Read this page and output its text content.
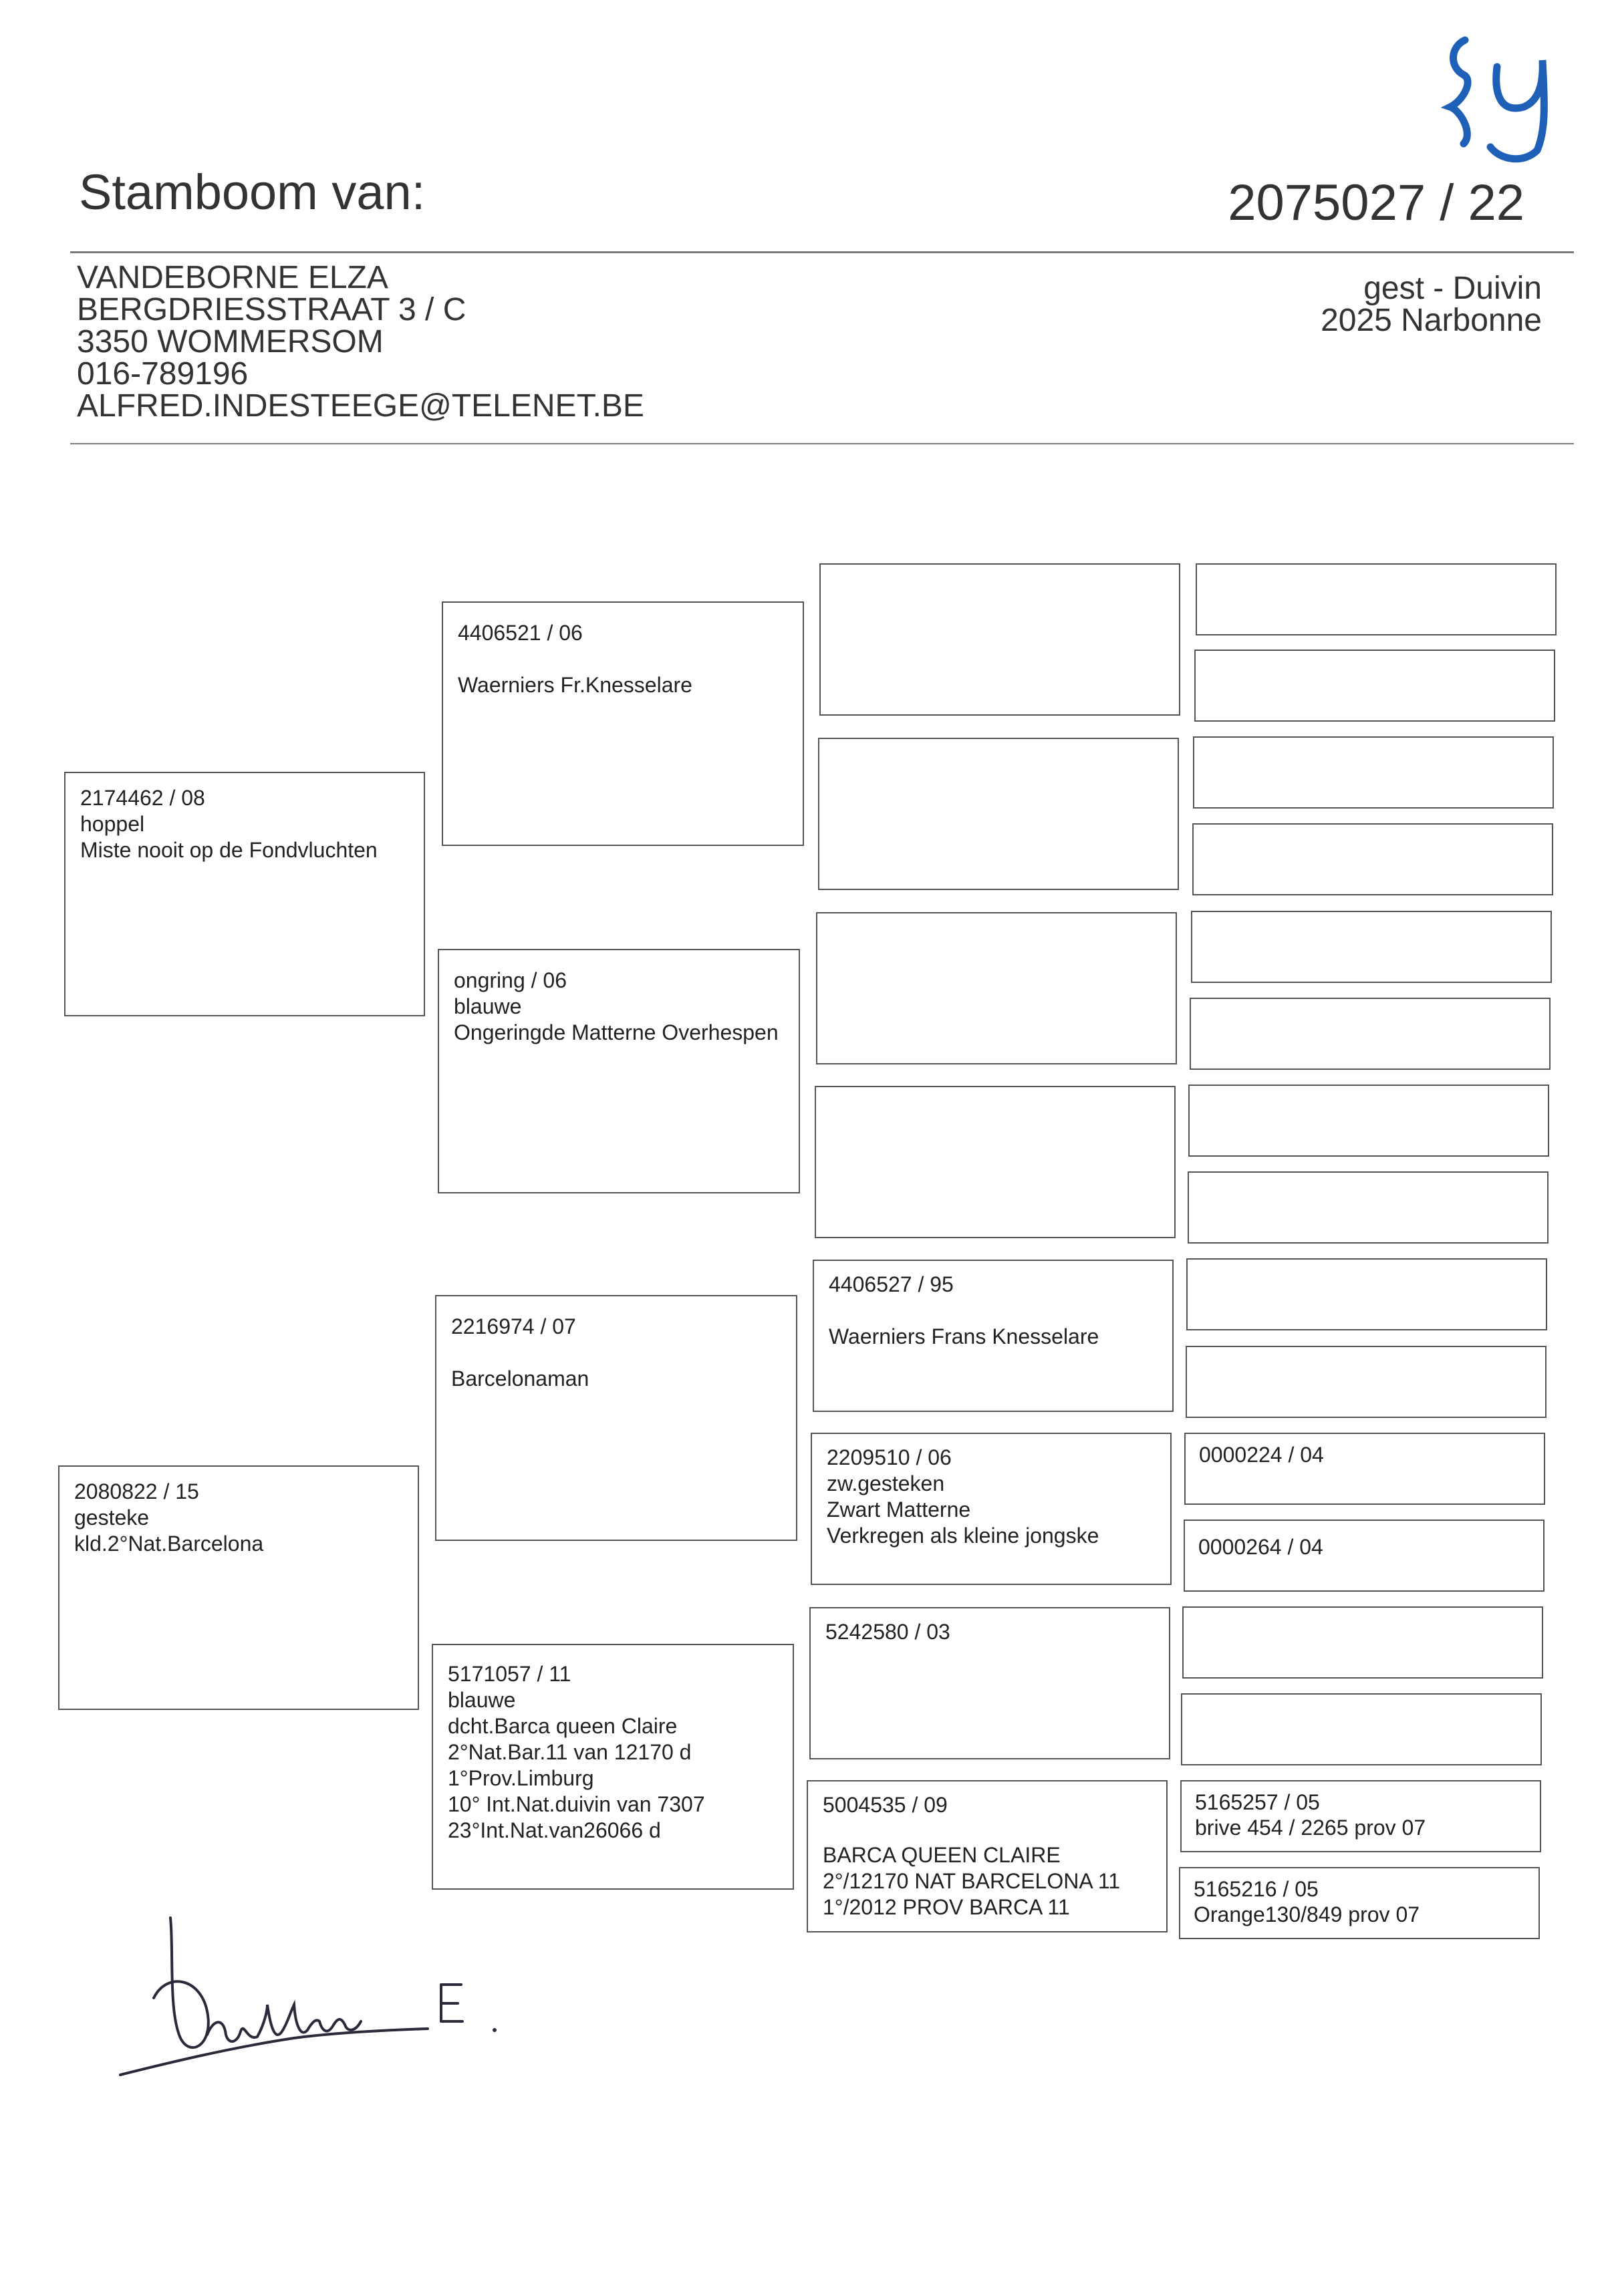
Stamboom van:	2075027 / 22
VANDEBORNE ELZA
BERGDRIESSTRAAT 3 / C
3350 WOMMERSOM
016-789196
ALFRED.INDESTEEGE@TELENET.BE
gest - Duivin
2025 Narbonne
2174462 / 08
hoppel
Miste nooit op de Fondvluchten
2080822 / 15
gesteke
kld.2°Nat.Barcelona
4406521 / 06
Waerniers Fr.Knesselare
ongring / 06
blauwe
Ongeringde Matterne Overhespen
2216974 / 07
Barcelonaman
5171057 / 11
blauwe
dcht.Barca queen Claire
2°Nat.Bar.11 van 12170 d
1°Prov.Limburg
10° Int.Nat.duivin van 7307
23°Int.Nat.van26066 d
4406527 / 95
Waerniers Frans Knesselare
2209510 / 06
zw.gesteken
Zwart Matterne
Verkregen als kleine jongske
5242580 / 03
5004535 / 09
BARCA QUEEN CLAIRE
2°/12170 NAT BARCELONA 11
1°/2012 PROV BARCA 11
0000224 / 04
0000264 / 04
5165257 / 05
brive 454 / 2265 prov 07
5165216 / 05
Orange130/849 prov 07
